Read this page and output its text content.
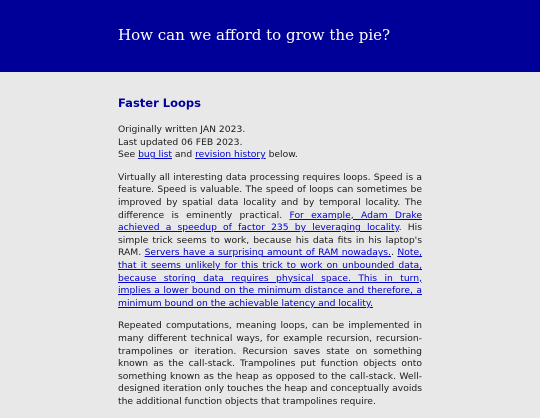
How can we afford to grow the pie?
Faster Loops
Originally written JAN 2023.
Last updated 06 FEB 2023.
See bug list and revision history below.

Virtually all interesting data processing requires loops. Speed is a feature. Speed is valuable. The speed of loops can sometimes be improved by spatial data locality and by temporal locality. The difference is eminently practical. For example, Adam Drake achieved a speedup of factor 235 by leveraging locality. His simple trick seems to work, because his data fits in his laptop's RAM. Servers have a surprising amount of RAM nowadays.. Note, that it seems unlikely for this trick to work on unbounded data, because storing data requires physical space. This in turn, implies a lower bound on the minimum distance and therefore, a minimum bound on the achievable latency and locality.

Repeated computations, meaning loops, can be implemented in many different technical ways, for example recursion, recursion-trampolines or iteration. Recursion saves state on something known as the call-stack. Trampolines put function objects onto something known as the heap as opposed to the call-stack. Well-designed iteration only touches the heap and conceptually avoids the additional function objects that trampolines require.
